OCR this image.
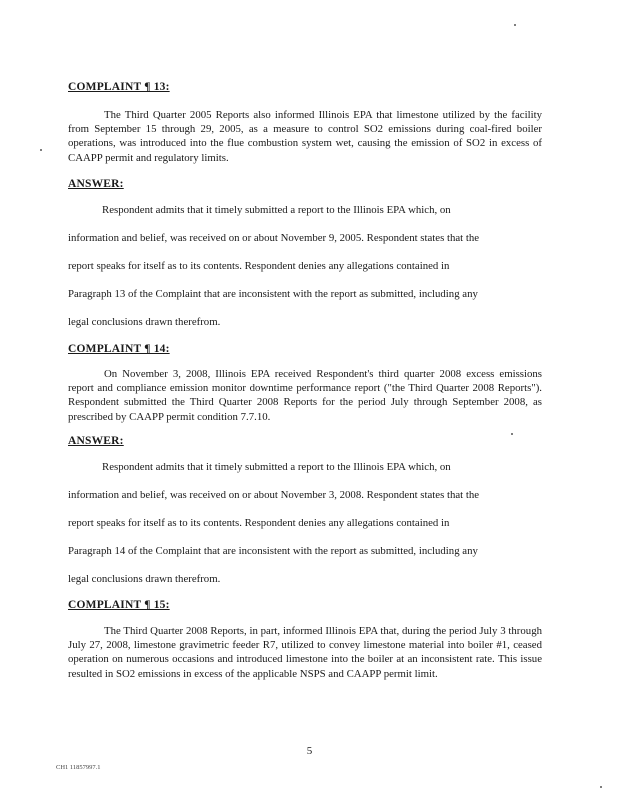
COMPLAINT ¶ 13:
The Third Quarter 2005 Reports also informed Illinois EPA that limestone utilized by the facility from September 15 through 29, 2005, as a measure to control SO2 emissions during coal-fired boiler operations, was introduced into the flue combustion system wet, causing the emission of SO2 in excess of CAAPP permit and regulatory limits.
ANSWER:
Respondent admits that it timely submitted a report to the Illinois EPA which, on
information and belief, was received on or about November 9, 2005. Respondent states that the
report speaks for itself as to its contents. Respondent denies any allegations contained in
Paragraph 13 of the Complaint that are inconsistent with the report as submitted, including any
legal conclusions drawn therefrom.
COMPLAINT ¶ 14:
On November 3, 2008, Illinois EPA received Respondent's third quarter 2008 excess emissions report and compliance emission monitor downtime performance report ("the Third Quarter 2008 Reports"). Respondent submitted the Third Quarter 2008 Reports for the period July through September 2008, as prescribed by CAAPP permit condition 7.7.10.
ANSWER:
Respondent admits that it timely submitted a report to the Illinois EPA which, on
information and belief, was received on or about November 3, 2008. Respondent states that the
report speaks for itself as to its contents. Respondent denies any allegations contained in
Paragraph 14 of the Complaint that are inconsistent with the report as submitted, including any
legal conclusions drawn therefrom.
COMPLAINT ¶ 15:
The Third Quarter 2008 Reports, in part, informed Illinois EPA that, during the period July 3 through July 27, 2008, limestone gravimetric feeder R7, utilized to convey limestone material into boiler #1, ceased operation on numerous occasions and introduced limestone into the boiler at an inconsistent rate. This issue resulted in SO2 emissions in excess of the applicable NSPS and CAAPP permit limit.
5
CH1 11857997.1
